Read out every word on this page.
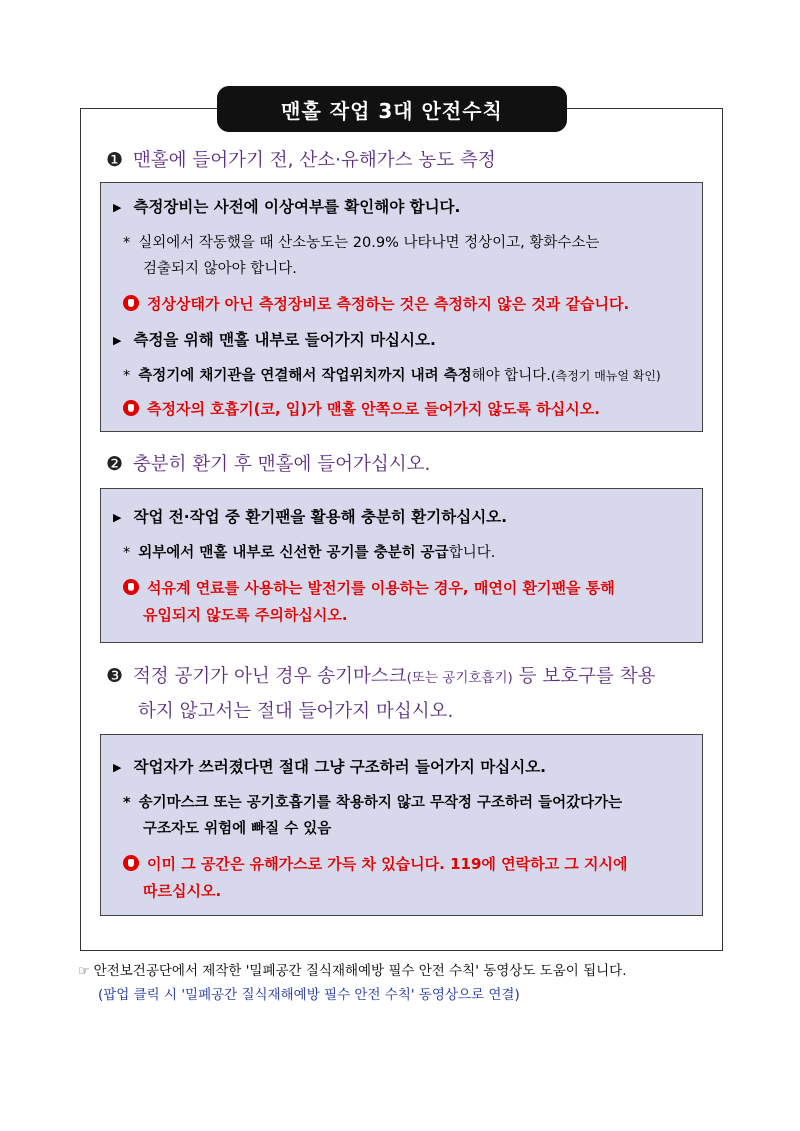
맨홀 작업 3대 안전수칙
❶ 맨홀에 들어가기 전, 산소·유해가스 농도 측정
▶ 측정장비는 사전에 이상여부를 확인해야 합니다.
* 실외에서 작동했을 때 산소농도는 20.9% 나타나면 정상이고, 황화수소는
검출되지 않아야 합니다.
정상상태가 아닌 측정장비로 측정하는 것은 측정하지 않은 것과 같습니다.
▶ 측정을 위해 맨홀 내부로 들어가지 마십시오.
* 측정기에 채기관을 연결해서 작업위치까지 내려 측정해야 합니다.(측정기 매뉴얼 확인)
측정자의 호흡기(코, 입)가 맨홀 안쪽으로 들어가지 않도록 하십시오.
❷ 충분히 환기 후 맨홀에 들어가십시오.
▶ 작업 전·작업 중 환기팬을 활용해 충분히 환기하십시오.
* 외부에서 맨홀 내부로 신선한 공기를 충분히 공급합니다.
석유계 연료를 사용하는 발전기를 이용하는 경우, 매연이 환기팬을 통해
유입되지 않도록 주의하십시오.
❸ 적정 공기가 아닌 경우 송기마스크(또는 공기호흡기) 등 보호구를 착용
하지 않고서는 절대 들어가지 마십시오.
▶ 작업자가 쓰러졌다면 절대 그냥 구조하러 들어가지 마십시오.
* 송기마스크 또는 공기호흡기를 착용하지 않고 무작정 구조하러 들어갔다가는
구조자도 위험에 빠질 수 있음
이미 그 공간은 유해가스로 가득 차 있습니다. 119에 연락하고 그 지시에
따르십시오.
☞ 안전보건공단에서 제작한 '밀폐공간 질식재해예방 필수 안전 수칙' 동영상도 도움이 됩니다.
(팝업 클릭 시 '밀폐공간 질식재해예방 필수 안전 수칙' 동영상으로 연결)
